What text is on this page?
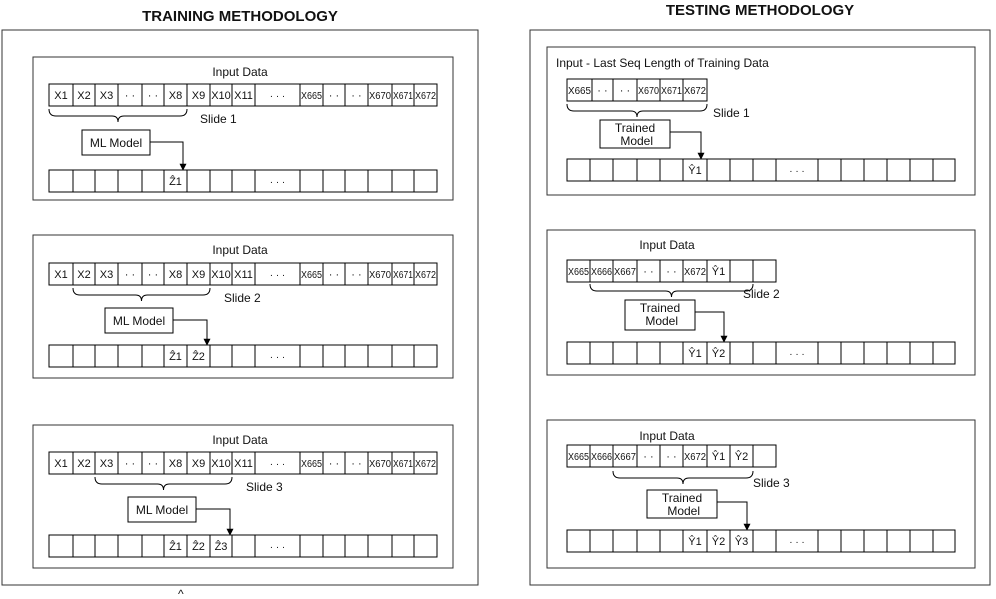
TRAINING METHODOLOGY	TESTING METHODOLOGY
^
Input Data
X1 X2 X3 · · · · X8 X9 X10 X11 · · · X665 · · · · X670 X671 X672
Slide 1
ML Model
Ẑ1	· · ·
Input Data
X1 X2 X3 · · · · X8 X9 X10 X11 · · · X665 · · · · X670 X671 X672
Slide 2
ML Model
Ẑ1 Ẑ2	· · ·
Input Data
X1 X2 X3 · · · · X8 X9 X10 X11 · · · X665 · · · · X670 X671 X672
Slide 3
ML Model
Ẑ1 Ẑ2 Ẑ3	· · ·
Input - Last Seq Length of Training Data
X665 · · · · X670 X671 X672
Slide 1
Trained Model
Ŷ1	· · ·
Input Data
X665 X666 X667 · · · · X672 Ŷ1
Slide 2
Trained Model
Ŷ1 Ŷ2	· · ·
Input Data
X665 X666 X667 · · · · X672 Ŷ1 Ŷ2
Slide 3
Trained Model
Ŷ1 Ŷ2 Ŷ3	· · ·
